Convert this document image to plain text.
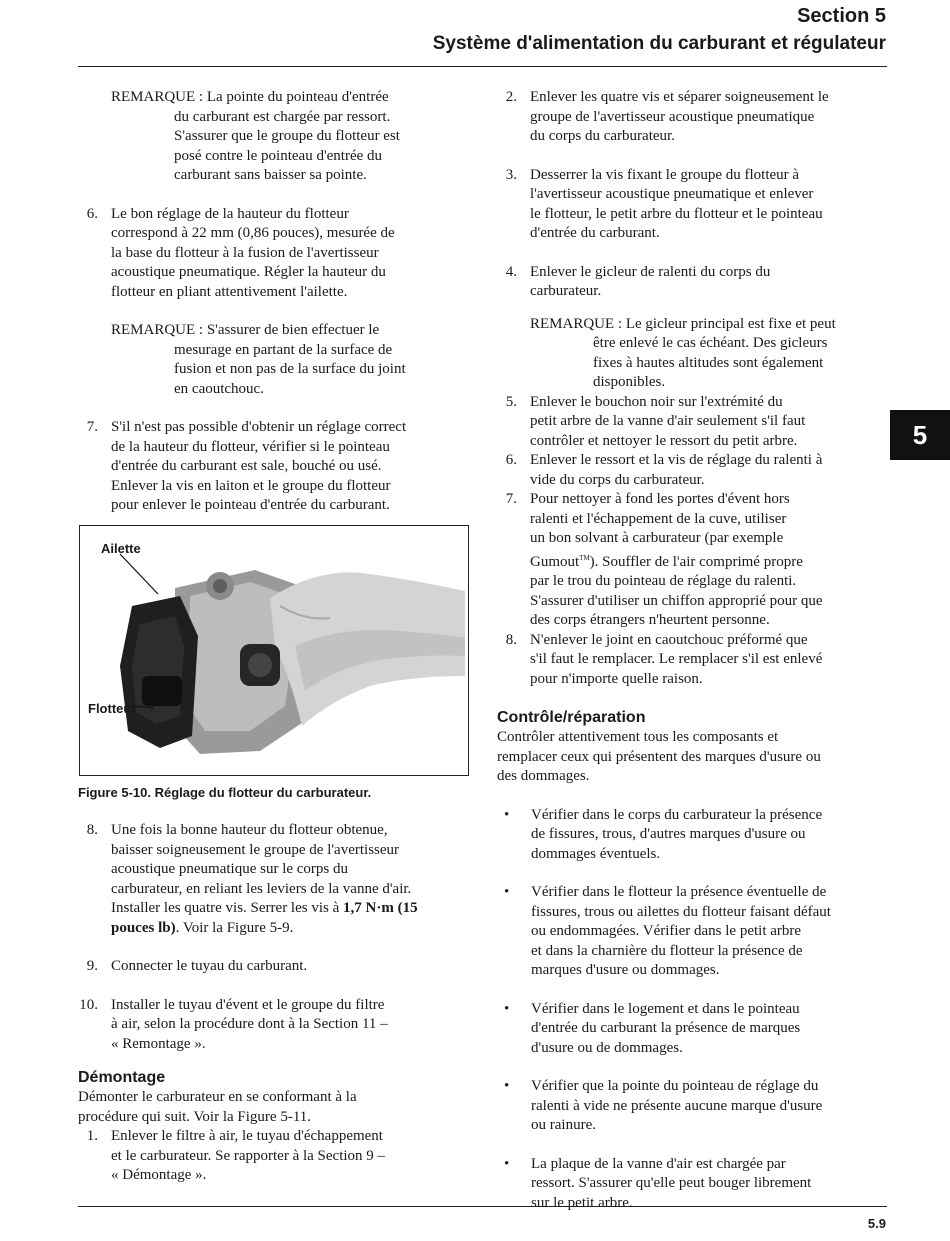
Section 5
Système d'alimentation du carburant et régulateur
REMARQUE : La pointe du pointeau d'entrée
du carburant est chargée par ressort.
S'assurer que le groupe du flotteur est
posé contre le pointeau d'entrée du
carburant sans baisser sa pointe.
6. Le bon réglage de la hauteur du flotteur
correspond à 22 mm (0,86 pouces), mesurée de
la base du flotteur à la fusion de l'avertisseur
acoustique pneumatique. Régler la hauteur du
flotteur en pliant attentivement l'ailette.
REMARQUE : S'assurer de bien effectuer le
mesurage en partant de la surface de
fusion et non pas de la surface du joint
en caoutchouc.
7. S'il n'est pas possible d'obtenir un réglage correct
de la hauteur du flotteur, vérifier si le pointeau
d'entrée du carburant est sale, bouché ou usé.
Enlever la vis en laiton et le groupe du flotteur
pour enlever le pointeau d'entrée du carburant.
Ailette
Flotteur
Figure 5-10. Réglage du flotteur du carburateur.
8. Une fois la bonne hauteur du flotteur obtenue,
baisser soigneusement le groupe de l'avertisseur
acoustique pneumatique sur le corps du
carburateur, en reliant les leviers de la vanne d'air.
Installer les quatre vis. Serrer les vis à 1,7 N·m (15
pouces lb). Voir la Figure 5-9.
9. Connecter le tuyau du carburant.
10. Installer le tuyau d'évent et le groupe du filtre
à air, selon la procédure dont à la Section 11 –
« Remontage ».
Démontage

Démonter le carburateur en se conformant à la
procédure qui suit. Voir la Figure 5-11.

1. Enlever le filtre à air, le tuyau d'échappement
et le carburateur. Se rapporter à la Section 9 –
« Démontage ».
2. Enlever les quatre vis et séparer soigneusement le
groupe de l'avertisseur acoustique pneumatique
du corps du carburateur.
3. Desserrer la vis fixant le groupe du flotteur à
l'avertisseur acoustique pneumatique et enlever
le flotteur, le petit arbre du flotteur et le pointeau
d'entrée du carburant.
4. Enlever le gicleur de ralenti du corps du
carburateur.
REMARQUE : Le gicleur principal est fixe et peut
être enlevé le cas échéant. Des gicleurs
fixes à hautes altitudes sont également
disponibles.
5. Enlever le bouchon noir sur l'extrémité du
petit arbre de la vanne d'air seulement s'il faut
contrôler et nettoyer le ressort du petit arbre.
6. Enlever le ressort et la vis de réglage du ralenti à
vide du corps du carburateur.
7. Pour nettoyer à fond les portes d'évent hors
ralenti et l'échappement de la cuve, utiliser
un bon solvant à carburateur (par exemple
Gumout™). Souffler de l'air comprimé propre
par le trou du pointeau de réglage du ralenti.
S'assurer d'utiliser un chiffon approprié pour que
des corps étrangers n'heurtent personne.
8. N'enlever le joint en caoutchouc préformé que
s'il faut le remplacer. Le remplacer s'il est enlevé
pour n'importe quelle raison.
Contrôle/réparation

Contrôler attentivement tous les composants et
remplacer ceux qui présentent des marques d'usure ou
des dommages.

• Vérifier dans le corps du carburateur la présence
de fissures, trous, d'autres marques d'usure ou
dommages éventuels.
• Vérifier dans le flotteur la présence éventuelle de
fissures, trous ou ailettes du flotteur faisant défaut
ou endommagées. Vérifier dans le petit arbre
et dans la charnière du flotteur la présence de
marques d'usure ou dommages.
• Vérifier dans le logement et dans le pointeau
d'entrée du carburant la présence de marques
d'usure ou de dommages.
• Vérifier que la pointe du pointeau de réglage du
ralenti à vide ne présente aucune marque d'usure
ou rainure.
• La plaque de la vanne d'air est chargée par
ressort. S'assurer qu'elle peut bouger librement
sur le petit arbre.
5
5.9
